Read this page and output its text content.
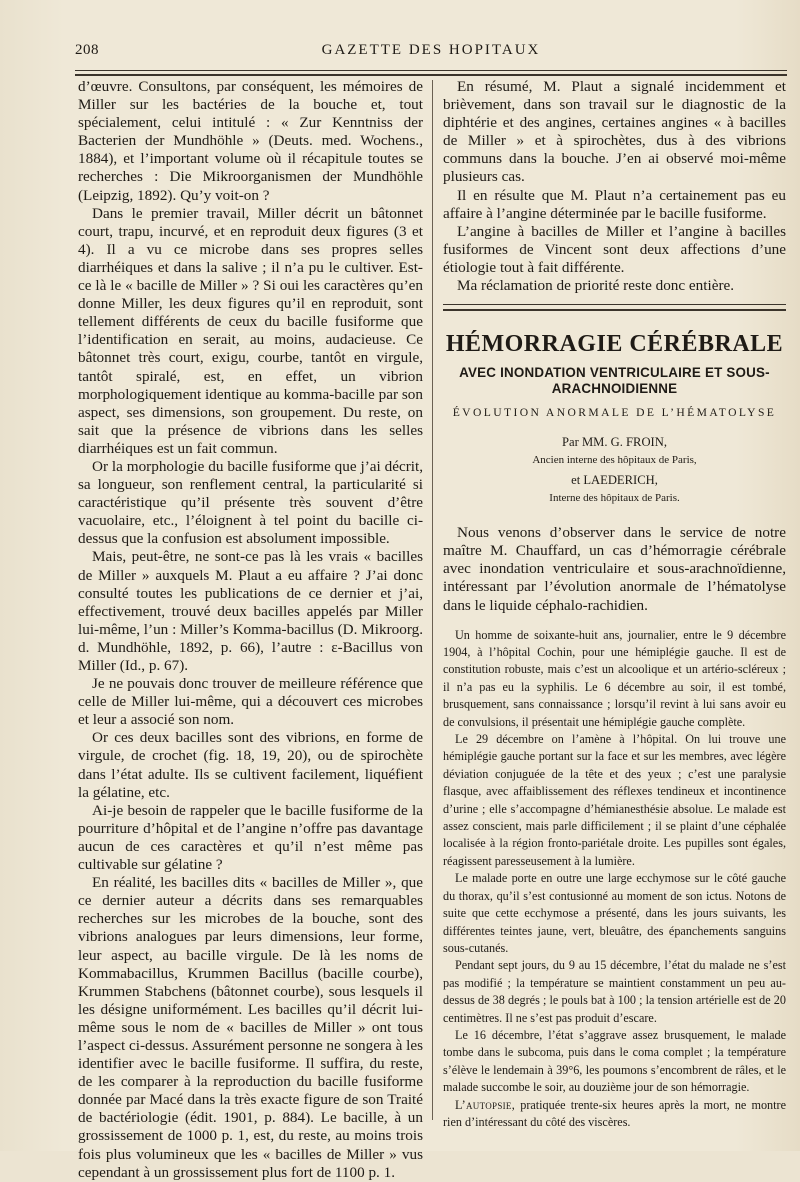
208	GAZETTE DES HOPITAUX

d’œuvre. Consultons, par conséquent, les mémoires de Miller sur les bactéries de la bouche et, tout spécialement, celui intitulé : « Zur Kenntniss der Bacterien der Mundhöhle » (Deuts. med. Wochens., 1884), et l’important volume où il récapitule toutes se recherches : Die Mikroorganismen der Mundhöhle (Leipzig, 1892). Qu’y voit-on ?

Dans le premier travail, Miller décrit un bâtonnet court, trapu, incurvé, et en reproduit deux figures (3 et 4). Il a vu ce microbe dans ses propres selles diarrhéiques et dans la salive ; il n’a pu le cultiver. Est-ce là le « bacille de Miller » ? Si oui les caractères qu’en donne Miller, les deux figures qu’il en reproduit, sont tellement différents de ceux du bacille fusiforme que l’identification en serait, au moins, audacieuse. Ce bâtonnet très court, exigu, courbe, tantôt en virgule, tantôt spiralé, est, en effet, un vibrion morphologiquement identique au komma-bacille par son aspect, ses dimensions, son groupement. Du reste, on sait que la présence de vibrions dans les selles diarrhéiques est un fait commun.

Or la morphologie du bacille fusiforme que j’ai décrit, sa longueur, son renflement central, la particularité si caractéristique qu’il présente très souvent d’être vacuolaire, etc., l’éloignent à tel point du bacille ci-dessus que la confusion est absolument impossible.

Mais, peut-être, ne sont-ce pas là les vrais « bacilles de Miller » auxquels M. Plaut a eu affaire ? J’ai donc consulté toutes les publications de ce dernier et j’ai, effectivement, trouvé deux bacilles appelés par Miller lui-même, l’un : Miller’s Komma-bacillus (D. Mikroorg. d. Mundhöhle, 1892, p. 66), l’autre : ε-Bacillus von Miller (Id., p. 67).

Je ne pouvais donc trouver de meilleure référence que celle de Miller lui-même, qui a découvert ces microbes et leur a associé son nom.

Or ces deux bacilles sont des vibrions, en forme de virgule, de crochet (fig. 18, 19, 20), ou de spirochète dans l’état adulte. Ils se cultivent facilement, liquéfient la gélatine, etc.

Ai-je besoin de rappeler que le bacille fusiforme de la pourriture d’hôpital et de l’angine n’offre pas davantage aucun de ces caractères et qu’il n’est même pas cultivable sur gélatine ?

En réalité, les bacilles dits « bacilles de Miller », que ce dernier auteur a décrits dans ses remarquables recherches sur les microbes de la bouche, sont des vibrions analogues par leurs dimensions, leur forme, leur aspect, au bacille virgule. De là les noms de Kommabacillus, Krummen Bacillus (bacille courbe), Krummen Stabchens (bâtonnet courbe), sous lesquels il les désigne uniformément. Les bacilles qu’il décrit lui-même sous le nom de « bacilles de Miller » ont tous l’aspect ci-dessus. Assurément personne ne songera à les identifier avec le bacille fusiforme. Il suffira, du reste, de les comparer à la reproduction du bacille fusiforme donnée par Macé dans la très exacte figure de son Traité de bactériologie (édit. 1901, p. 884). Le bacille, à un grossissement de 1000 p. 1, est, du reste, au moins trois fois plus volumineux que les « bacilles de Miller » vus cependant à un grossissement plus fort de 1100 p. 1.

En résumé, M. Plaut a signalé incidemment et brièvement, dans son travail sur le diagnostic de la diphtérie et des angines, certaines angines « à bacilles de Miller » et à spirochètes, dus à des vibrions communs dans la bouche. J’en ai observé moi-même plusieurs cas.

Il en résulte que M. Plaut n’a certainement pas eu affaire à l’angine déterminée par le bacille fusiforme.

L’angine à bacilles de Miller et l’angine à bacilles fusiformes de Vincent sont deux affections d’une étiologie tout à fait différente.

Ma réclamation de priorité reste donc entière.

HÉMORRAGIE CÉRÉBRALE
AVEC INONDATION VENTRICULAIRE ET SOUS-ARACHNOIDIENNE
ÉVOLUTION ANORMALE DE L’HÉMATOLYSE
Par MM. G. FROIN,
Ancien interne des hôpitaux de Paris,
et LAEDERICH,
Interne des hôpitaux de Paris.

Nous venons d’observer dans le service de notre maître M. Chauffard, un cas d’hémorragie cérébrale avec inondation ventriculaire et sous-arachnoïdienne, intéressant par l’évolution anormale de l’hématolyse dans le liquide céphalo-rachidien.

Un homme de soixante-huit ans, journalier, entre le 9 décembre 1904, à l’hôpital Cochin, pour une hémiplégie gauche. Il est de constitution robuste, mais c’est un alcoolique et un artério-scléreux ; il n’a pas eu la syphilis. Le 6 décembre au soir, il est tombé, brusquement, sans connaissance ; lorsqu’il revint à lui sans avoir eu de convulsions, il présentait une hémiplégie gauche complète.

Le 29 décembre on l’amène à l’hôpital. On lui trouve une hémiplégie gauche portant sur la face et sur les membres, avec légère déviation conjuguée de la tête et des yeux ; c’est une paralysie flasque, avec affaiblissement des réflexes tendineux et incontinence d’urine ; elle s’accompagne d’hémianesthésie absolue. Le malade est assez conscient, mais parle difficilement ; il se plaint d’une céphalée localisée à la région fronto-pariétale droite. Les pupilles sont égales, réagissent paresseusement à la lumière.

Le malade porte en outre une large ecchymose sur le côté gauche du thorax, qu’il s’est contusionné au moment de son ictus. Notons de suite que cette ecchymose a présenté, dans les jours suivants, les différentes teintes jaune, vert, bleuâtre, des épanchements sanguins sous-cutanés.

Pendant sept jours, du 9 au 15 décembre, l’état du malade ne s’est pas modifié ; la température se maintient constamment un peu au-dessus de 38 degrés ; le pouls bat à 100 ; la tension artérielle est de 20 centimètres. Il ne s’est pas produit d’escare.

Le 16 décembre, l’état s’aggrave assez brusquement, le malade tombe dans le subcoma, puis dans le coma complet ; la température s’élève le lendemain à 39°6, les poumons s’encombrent de râles, et le malade succombe le soir, au douzième jour de son hémorragie.

L’autopsie, pratiquée trente-six heures après la mort, ne montre rien d’intéressant du côté des viscères.
